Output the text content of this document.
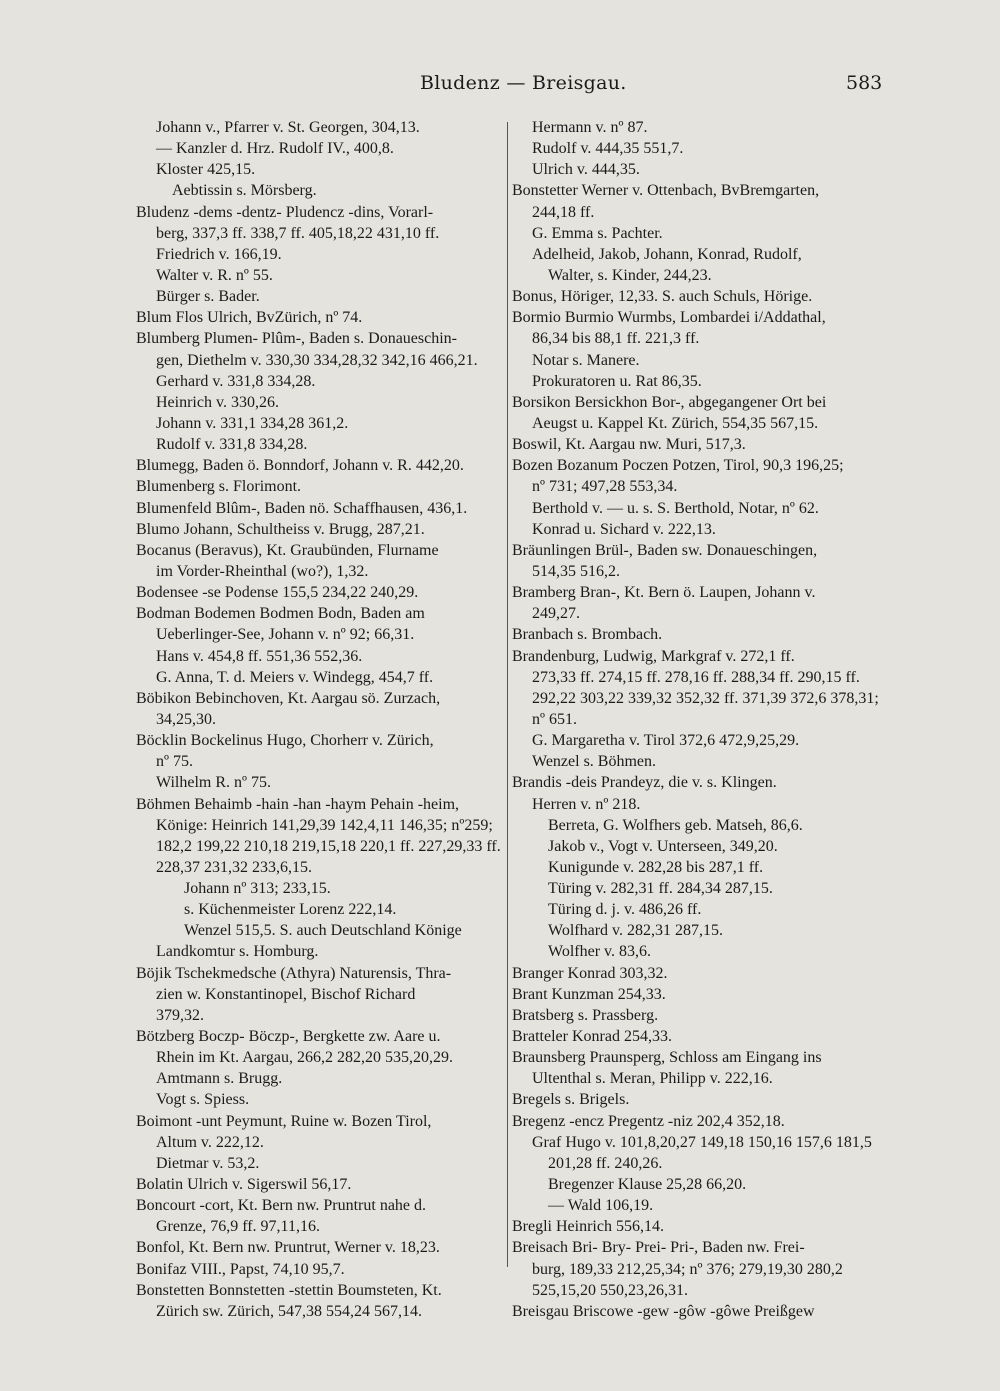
Bludenz — Breisgau.	583
Johann v., Pfarrer v. St. Georgen, 304,13.
— Kanzler d. Hrz. Rudolf IV., 400,8.
Kloster 425,15.
Aebtissin s. Mörsberg.
Bludenz -dems -dentz- Pludencz -dins, Vorarl-
berg, 337,3 ff. 338,7 ff. 405,18,22 431,10 ff.
Friedrich v. 166,19.
Walter v. R. nº 55.
Bürger s. Bader.
Blum Flos Ulrich, BvZürich, nº 74.
Blumberg Plumen- Plûm-, Baden s. Donaueschin-
gen, Diethelm v. 330,30 334,28,32 342,16 466,21.
Gerhard v. 331,8 334,28.
Heinrich v. 330,26.
Johann v. 331,1 334,28 361,2.
Rudolf v. 331,8 334,28.
Blumegg, Baden ö. Bonndorf, Johann v. R. 442,20.
Blumenberg s. Florimont.
Blumenfeld Blûm-, Baden nö. Schaffhausen, 436,1.
Blumo Johann, Schultheiss v. Brugg, 287,21.
Bocanus (Beravus), Kt. Graubünden, Flurname
im Vorder-Rheinthal (wo?), 1,32.
Bodensee -se Podense 155,5 234,22 240,29.
Bodman Bodemen Bodmen Bodn, Baden am
Ueberlinger-See, Johann v. nº 92; 66,31.
Hans v. 454,8 ff. 551,36 552,36.
G. Anna, T. d. Meiers v. Windegg, 454,7 ff.
Böbikon Bebinchoven, Kt. Aargau sö. Zurzach,
34,25,30.
Böcklin Bockelinus Hugo, Chorherr v. Zürich,
nº 75.
Wilhelm R. nº 75.
Böhmen Behaimb -hain -han -haym Pehain -heim,
Könige: Heinrich 141,29,39 142,4,11 146,35; nº259;
182,2 199,22 210,18 219,15,18 220,1 ff. 227,29,33 ff.
228,37 231,32 233,6,15.
Johann nº 313; 233,15.
s. Küchenmeister Lorenz 222,14.
Wenzel 515,5. S. auch Deutschland Könige
Landkomtur s. Homburg.
Böjik Tschekmedsche (Athyra) Naturensis, Thra-
zien w. Konstantinopel, Bischof Richard
379,32.
Bötzberg Boczp- Böczp-, Bergkette zw. Aare u.
Rhein im Kt. Aargau, 266,2 282,20 535,20,29.
Amtmann s. Brugg.
Vogt s. Spiess.
Boimont -unt Peymunt, Ruine w. Bozen Tirol,
Altum v. 222,12.
Dietmar v. 53,2.
Bolatin Ulrich v. Sigerswil 56,17.
Boncourt -cort, Kt. Bern nw. Pruntrut nahe d.
Grenze, 76,9 ff. 97,11,16.
Bonfol, Kt. Bern nw. Pruntrut, Werner v. 18,23.
Bonifaz VIII., Papst, 74,10 95,7.
Bonstetten Bonnstetten -stettin Boumsteten, Kt.
Zürich sw. Zürich, 547,38 554,24 567,14.
Hermann v. nº 87.
Rudolf v. 444,35 551,7.
Ulrich v. 444,35.
Bonstetter Werner v. Ottenbach, BvBremgarten,
244,18 ff.
G. Emma s. Pachter.
Adelheid, Jakob, Johann, Konrad, Rudolf,
Walter, s. Kinder, 244,23.
Bonus, Höriger, 12,33. S. auch Schuls, Hörige.
Bormio Burmio Wurmbs, Lombardei i/Addathal,
86,34 bis 88,1 ff. 221,3 ff.
Notar s. Manere.
Prokuratoren u. Rat 86,35.
Borsikon Bersickhon Bor-, abgegangener Ort bei
Aeugst u. Kappel Kt. Zürich, 554,35 567,15.
Boswil, Kt. Aargau nw. Muri, 517,3.
Bozen Bozanum Poczen Potzen, Tirol, 90,3 196,25;
nº 731; 497,28 553,34.
Berthold v. — u. s. S. Berthold, Notar, nº 62.
Konrad u. Sichard v. 222,13.
Bräunlingen Brül-, Baden sw. Donaueschingen,
514,35 516,2.
Bramberg Bran-, Kt. Bern ö. Laupen, Johann v.
249,27.
Branbach s. Brombach.
Brandenburg, Ludwig, Markgraf v. 272,1 ff.
273,33 ff. 274,15 ff. 278,16 ff. 288,34 ff. 290,15 ff.
292,22 303,22 339,32 352,32 ff. 371,39 372,6 378,31;
nº 651.
G. Margaretha v. Tirol 372,6 472,9,25,29.
Wenzel s. Böhmen.
Brandis -deis Prandeyz, die v. s. Klingen.
Herren v. nº 218.
Berreta, G. Wolfhers geb. Matseh, 86,6.
Jakob v., Vogt v. Unterseen, 349,20.
Kunigunde v. 282,28 bis 287,1 ff.
Türing v. 282,31 ff. 284,34 287,15.
Türing d. j. v. 486,26 ff.
Wolfhard v. 282,31 287,15.
Wolfher v. 83,6.
Branger Konrad 303,32.
Brant Kunzman 254,33.
Bratsberg s. Prassberg.
Bratteler Konrad 254,33.
Braunsberg Praunsperg, Schloss am Eingang ins
Ultenthal s. Meran, Philipp v. 222,16.
Bregels s. Brigels.
Bregenz -encz Pregentz -niz 202,4 352,18.
Graf Hugo v. 101,8,20,27 149,18 150,16 157,6 181,5
201,28 ff. 240,26.
Bregenzer Klause 25,28 66,20.
— Wald 106,19.
Bregli Heinrich 556,14.
Breisach Bri- Bry- Prei- Pri-, Baden nw. Frei-
burg, 189,33 212,25,34; nº 376; 279,19,30 280,2
525,15,20 550,23,26,31.
Breisgau Briscowe -gew -gôw -gôwe Preißgew
